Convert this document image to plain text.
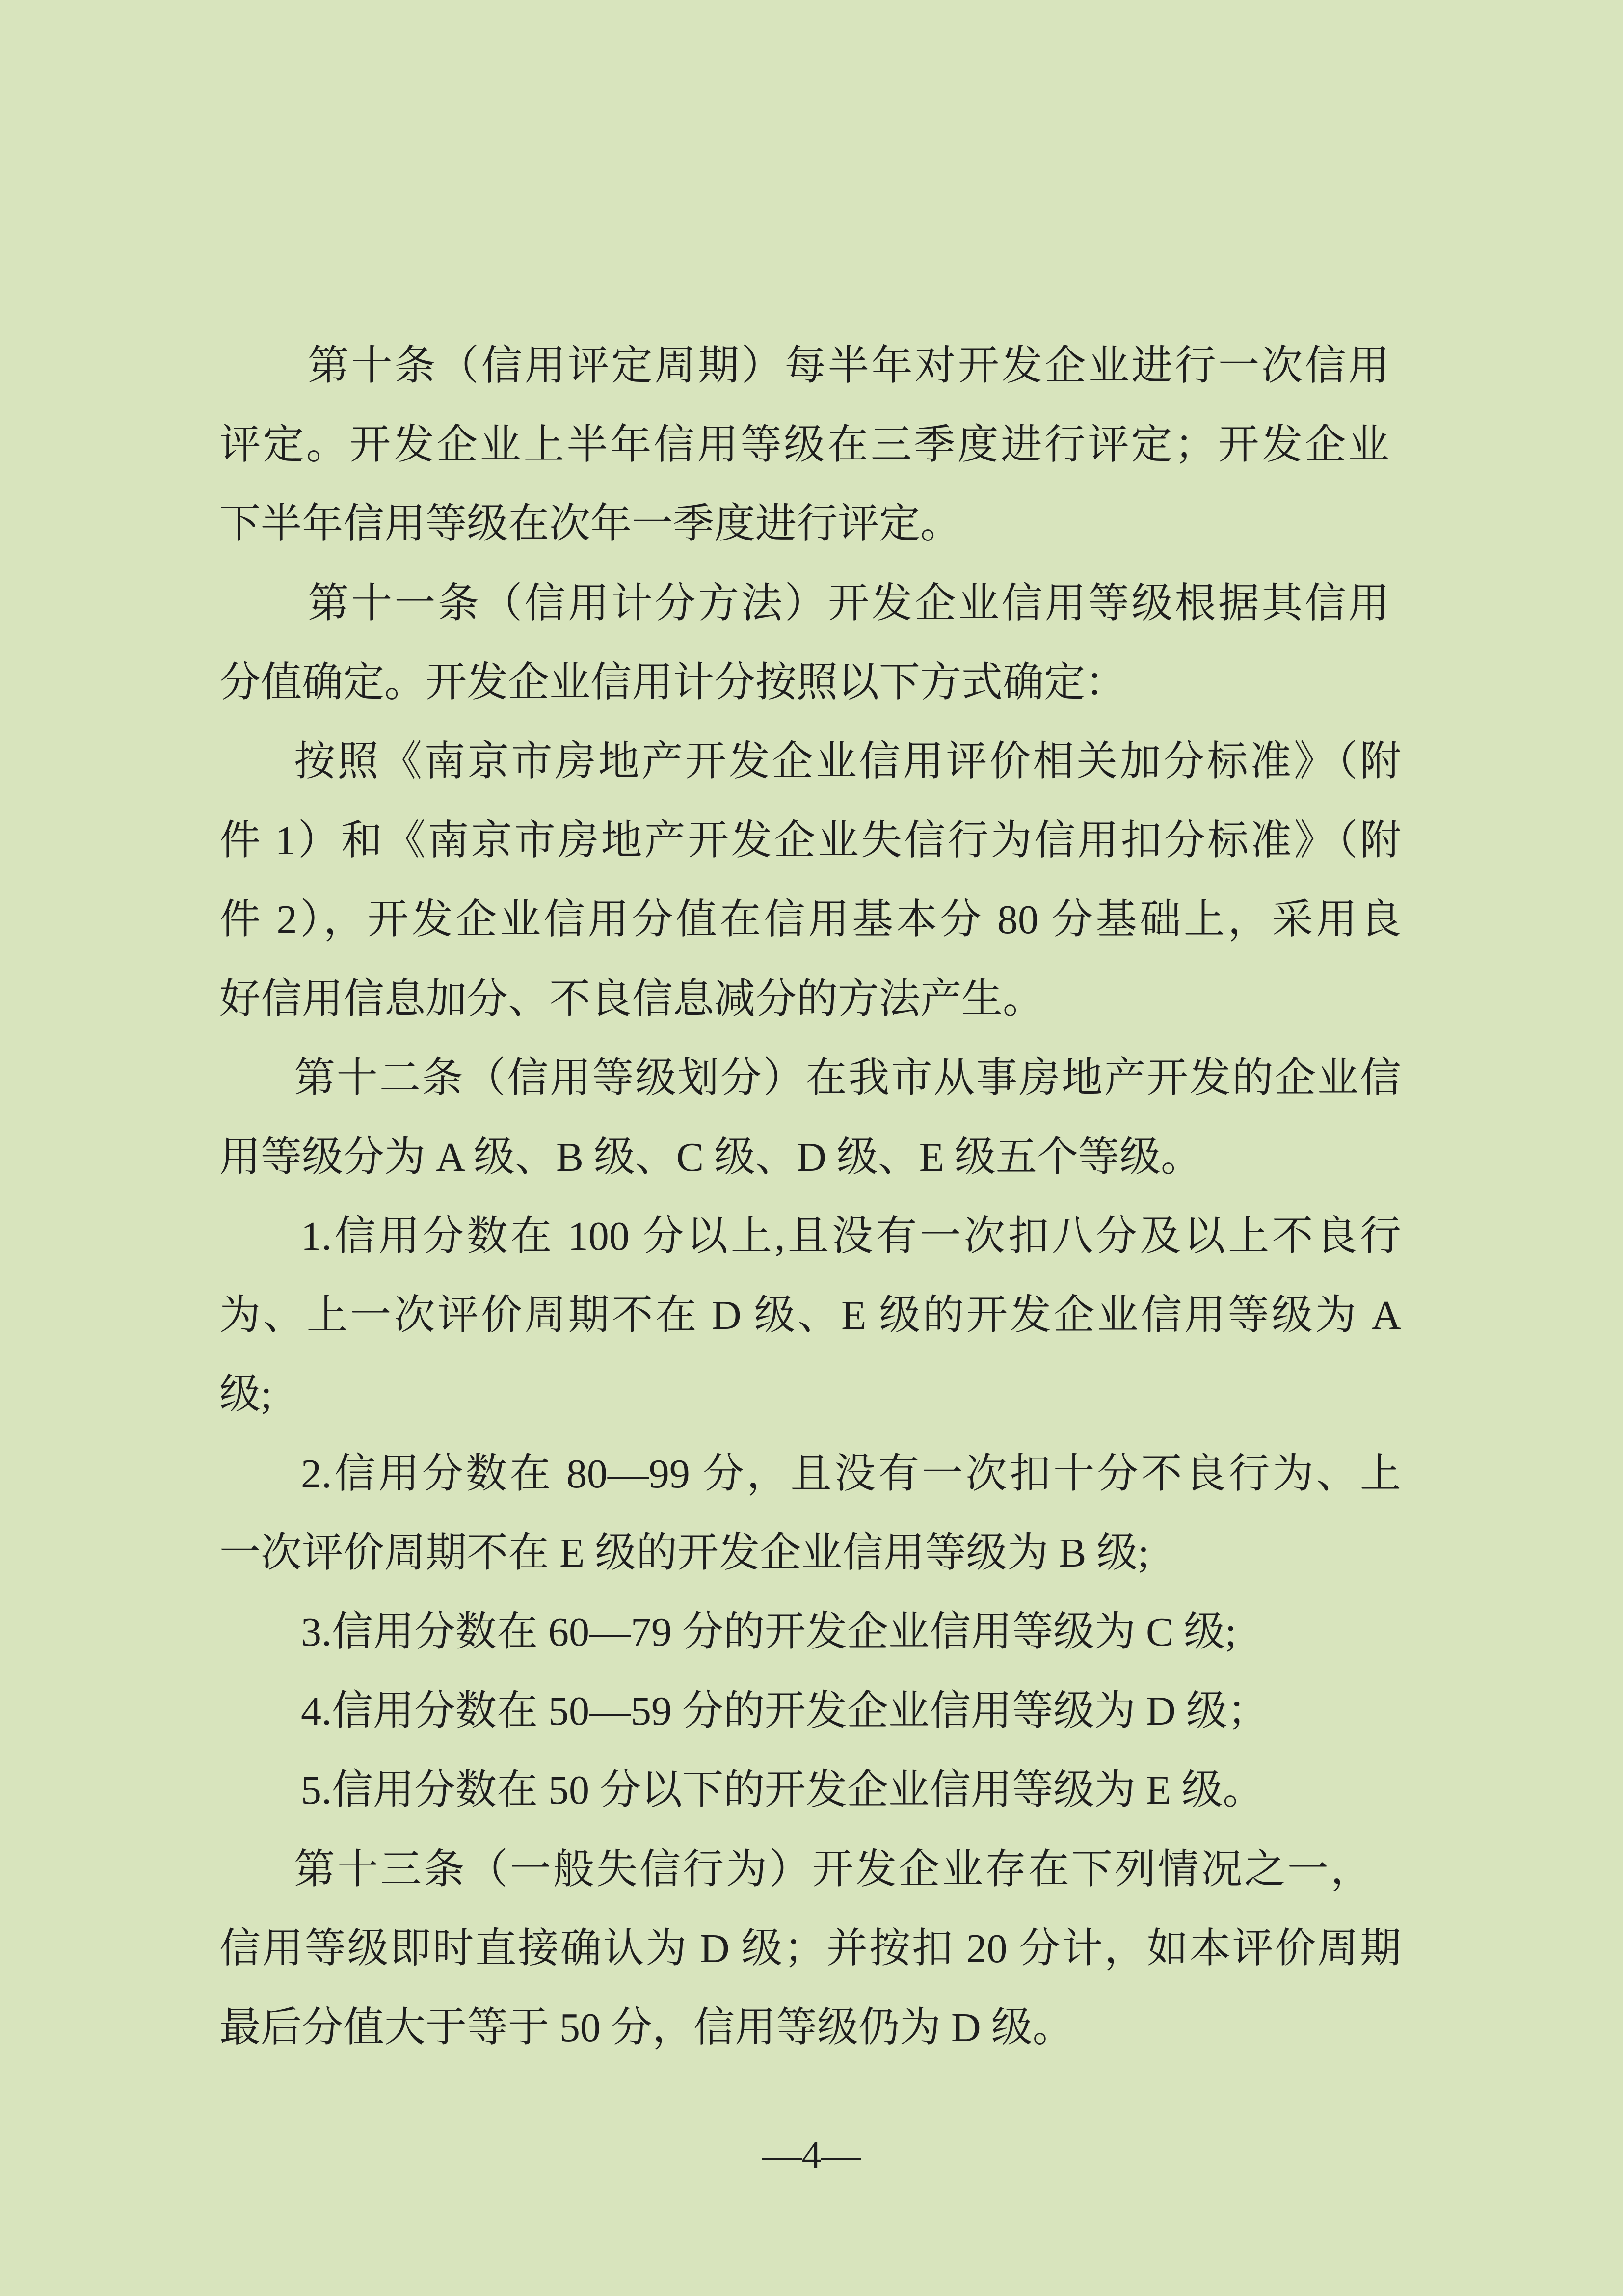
第十条（信用评定周期）每半年对开发企业进行一次信用
评定。开发企业上半年信用等级在三季度进行评定；开发企业
下半年信用等级在次年一季度进行评定。
第十一条（信用计分方法）开发企业信用等级根据其信用
分值确定。开发企业信用计分按照以下方式确定：
按照《南京市房地产开发企业信用评价相关加分标准》（附
件 1）和《南京市房地产开发企业失信行为信用扣分标准》（附
件 2），开发企业信用分值在信用基本分 80 分基础上，采用良
好信用信息加分、不良信息减分的方法产生。
第十二条（信用等级划分）在我市从事房地产开发的企业信
用等级分为 A 级、B 级、C 级、D 级、E 级五个等级。
1.信用分数在 100 分以上,且没有一次扣八分及以上不良行
为、上一次评价周期不在 D 级、E 级的开发企业信用等级为 A
级;
2.信用分数在 80—99 分，且没有一次扣十分不良行为、上
一次评价周期不在 E 级的开发企业信用等级为 B 级;
3.信用分数在 60—79 分的开发企业信用等级为 C 级;
4.信用分数在 50—59 分的开发企业信用等级为 D 级；
5.信用分数在 50 分以下的开发企业信用等级为 E 级。
第十三条（一般失信行为）开发企业存在下列情况之一，
信用等级即时直接确认为 D 级；并按扣 20 分计，如本评价周期
最后分值大于等于 50 分，信用等级仍为 D 级。
—4—
